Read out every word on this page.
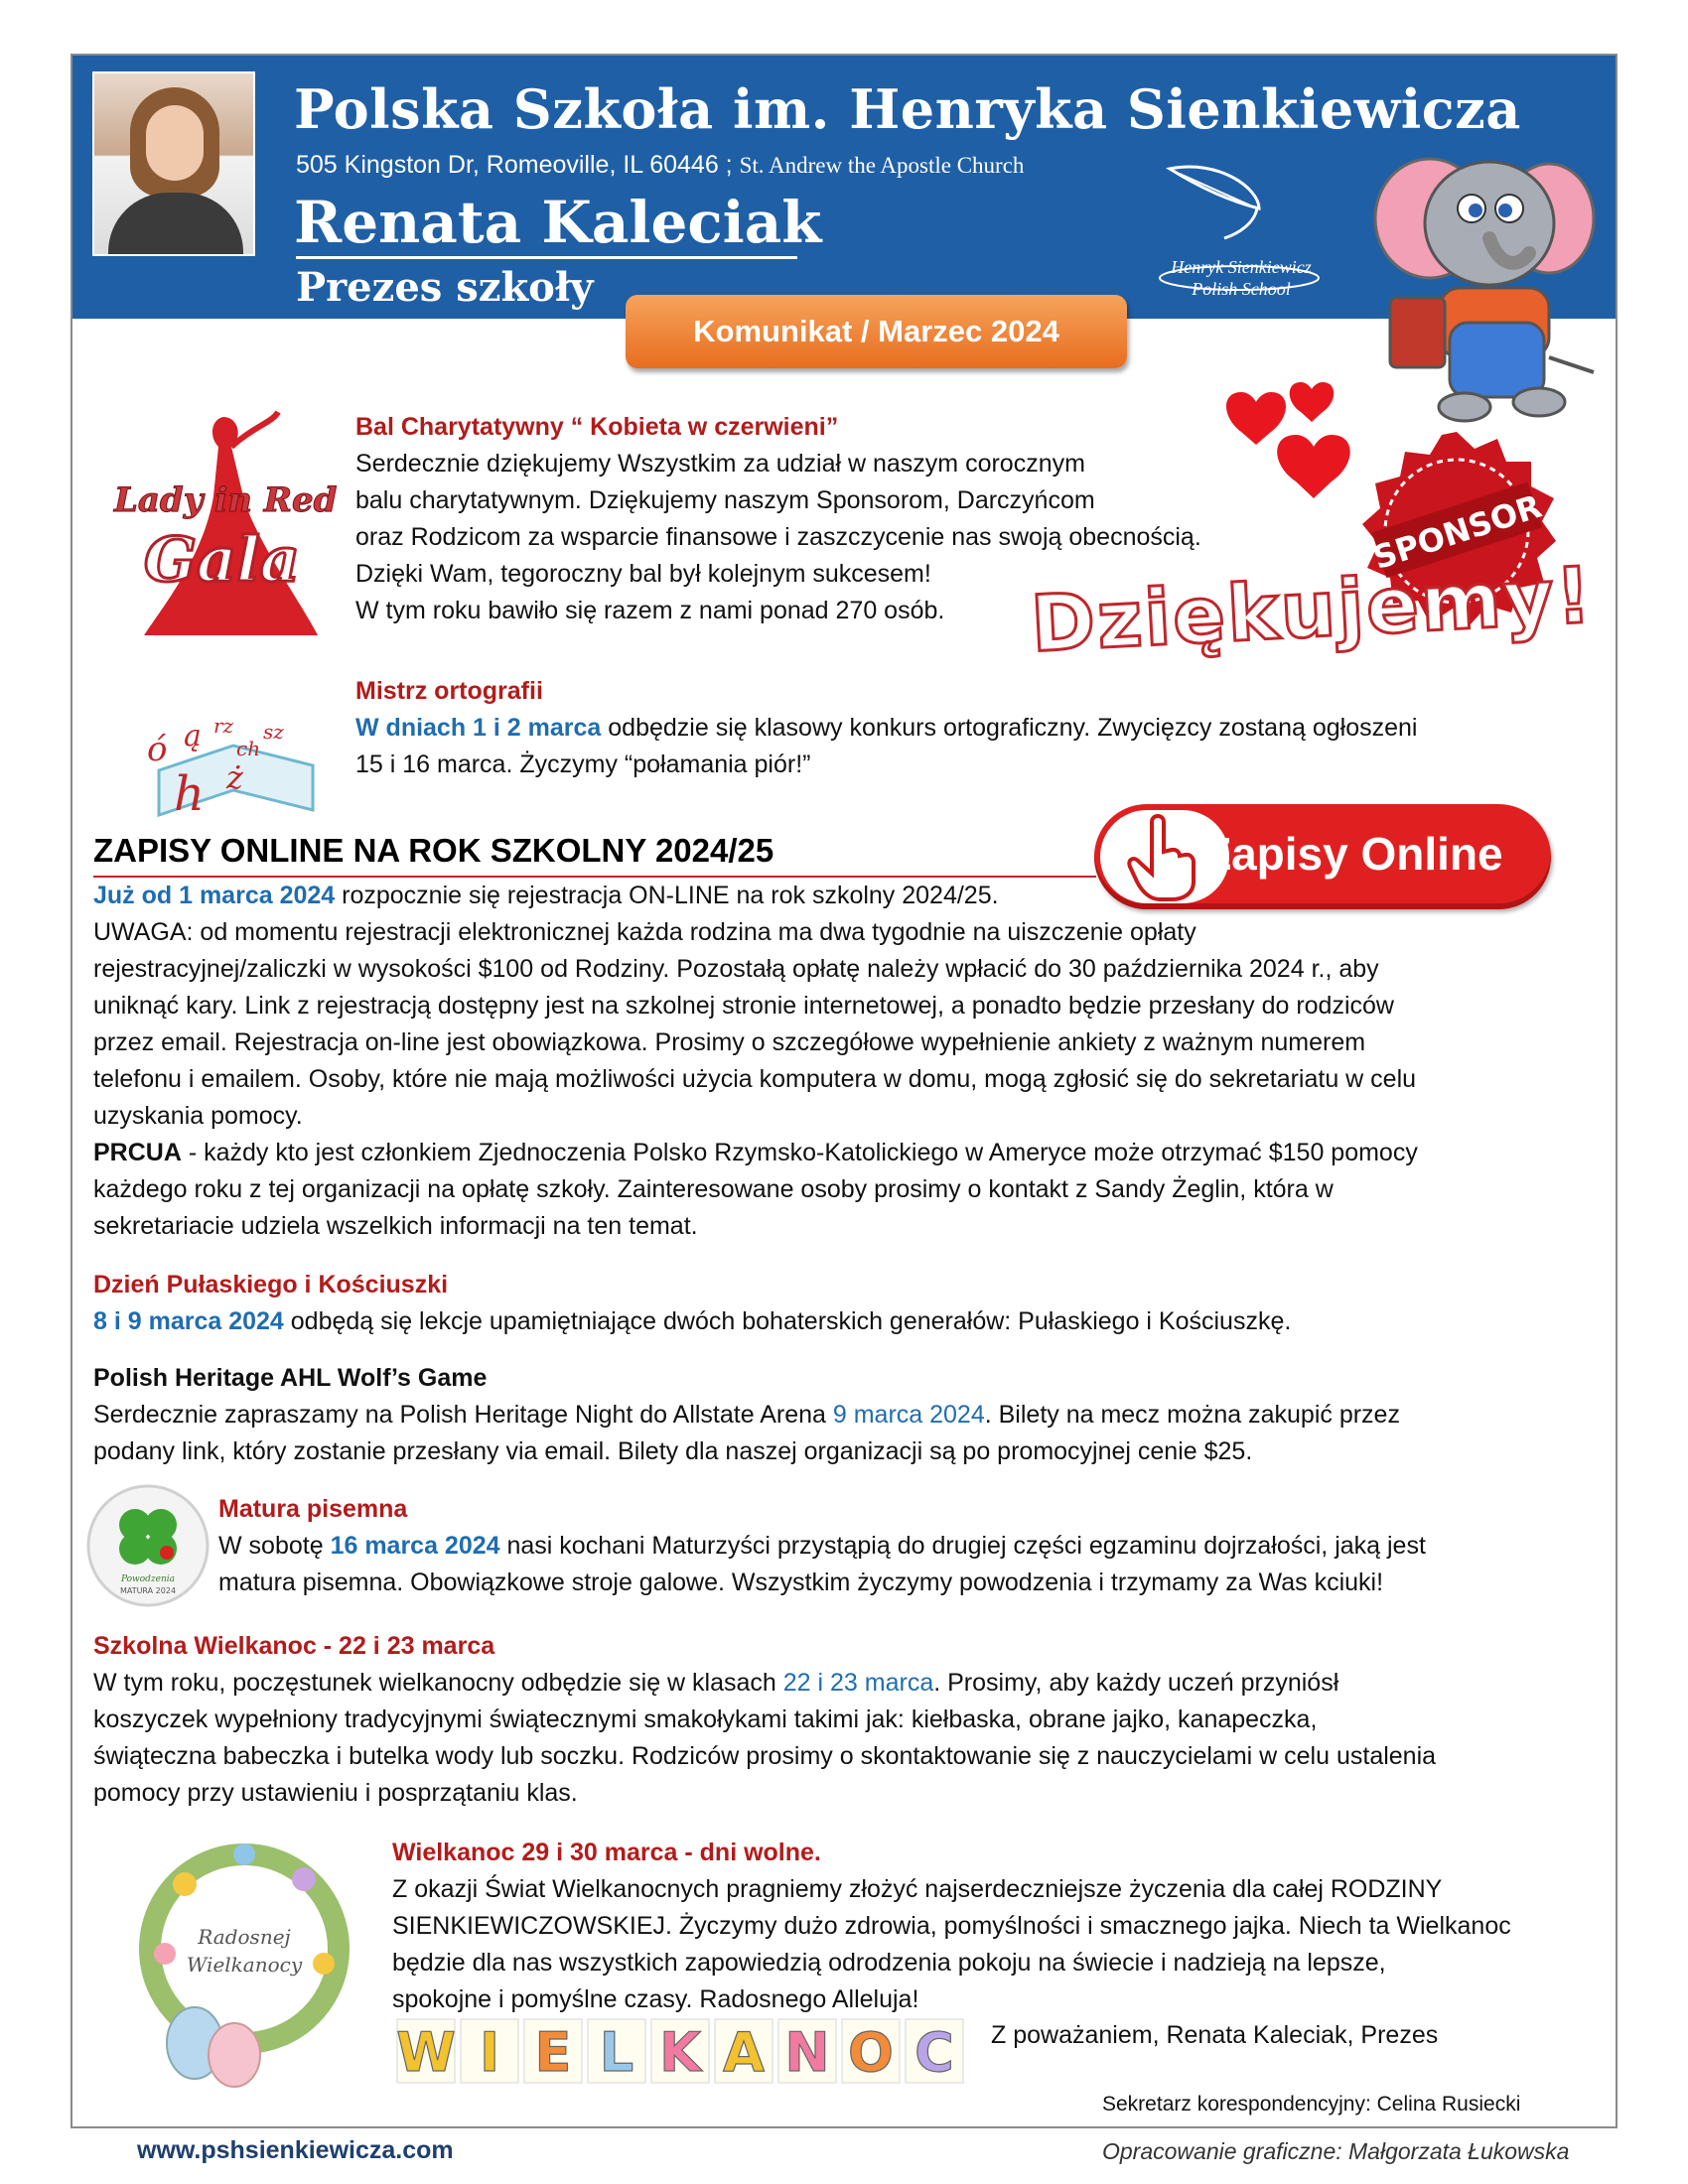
Polska Szkoła im. Henryka Sienkiewicza
505 Kingston Dr, Romeoville, IL 60446 ; St. Andrew the Apostle Church
Renata Kaleciak
Prezes szkoły	Henryk Sienkiewicz
Polish School
Komunikat / Marzec 2024
Lady in Red
Gala

Bal Charytatywny “ Kobieta w czerwieni”

Serdecznie dziękujemy Wszystkim za udział w naszym corocznym

balu charytatywnym. Dziękujemy naszym Sponsorom, Darczyńcom

oraz Rodzicom za wsparcie finansowe i zaszczycenie nas swoją obecnością.

Dzięki Wam, tegoroczny bal był kolejnym sukcesem!

W tym roku bawiło się razem z nami ponad 270 osób.

SPONSOR
Dziękujemy!
ó ą rz
ch
sz
h ż

Mistrz ortografii

W dniach 1 i 2 marca odbędzie się klasowy konkurs ortograficzny. Zwycięzcy zostaną ogłoszeni

15 i 16 marca. Życzymy “połamania piór!”

ZAPISY ONLINE NA ROK SZKOLNY 2024/25	Zapisy Online

Już od 1 marca 2024 rozpocznie się rejestracja ON-LINE na rok szkolny 2024/25.

UWAGA: od momentu rejestracji elektronicznej każda rodzina ma dwa tygodnie na uiszczenie opłaty

rejestracyjnej/zaliczki w wysokości $100 od Rodziny. Pozostałą opłatę należy wpłacić do 30 października 2024 r., aby

uniknąć kary. Link z rejestracją dostępny jest na szkolnej stronie internetowej, a ponadto będzie przesłany do rodziców

przez email. Rejestracja on-line jest obowiązkowa. Prosimy o szczegółowe wypełnienie ankiety z ważnym numerem

telefonu i emailem. Osoby, które nie mają możliwości użycia komputera w domu, mogą zgłosić się do sekretariatu w celu

uzyskania pomocy.

PRCUA - każdy kto jest członkiem Zjednoczenia Polsko Rzymsko-Katolickiego w Ameryce może otrzymać $150 pomocy

każdego roku z tej organizacji na opłatę szkoły. Zainteresowane osoby prosimy o kontakt z Sandy Żeglin, która w

sekretariacie udziela wszelkich informacji na ten temat.

Dzień Pułaskiego i Kościuszki

8 i 9 marca 2024 odbędą się lekcje upamiętniające dwóch bohaterskich generałów: Pułaskiego i Kościuszkę.

Polish Heritage AHL Wolf’s Game

Serdecznie zapraszamy na Polish Heritage Night do Allstate Arena 9 marca 2024. Bilety na mecz można zakupić przez

podany link, który zostanie przesłany via email. Bilety dla naszej organizacji są po promocyjnej cenie $25.

Powodzenia
MATURA 2024

Matura pisemna

W sobotę 16 marca 2024 nasi kochani Maturzyści przystąpią do drugiej części egzaminu dojrzałości, jaką jest

matura pisemna. Obowiązkowe stroje galowe. Wszystkim życzymy powodzenia i trzymamy za Was kciuki!

Szkolna Wielkanoc - 22 i 23 marca

W tym roku, poczęstunek wielkanocny odbędzie się w klasach 22 i 23 marca. Prosimy, aby każdy uczeń przyniósł

koszyczek wypełniony tradycyjnymi świątecznymi smakołykami takimi jak: kiełbaska, obrane jajko, kanapeczka,

świąteczna babeczka i butelka wody lub soczku. Rodziców prosimy o skontaktowanie się z nauczycielami w celu ustalenia

pomocy przy ustawieniu i posprzątaniu klas.

Radosnej
Wielkanocy

Wielkanoc 29 i 30 marca - dni wolne.

Z okazji Świat Wielkanocnych pragniemy złożyć najserdeczniejsze życzenia dla całej RODZINY

SIENKIEWICZOWSKIEJ. Życzymy dużo zdrowia, pomyślności i smacznego jajka. Niech ta Wielkanoc

będzie dla nas wszystkich zapowiedzią odrodzenia pokoju na świecie i nadzieją na lepsze,

spokojne i pomyślne czasy. Radosnego Alleluja!

W I E L K A N O C Z poważaniem, Renata Kaleciak, Prezes
Sekretarz korespondencyjny: Celina Rusiecki
www.pshsienkiewicza.com	Opracowanie graficzne: Małgorzata Łukowska
